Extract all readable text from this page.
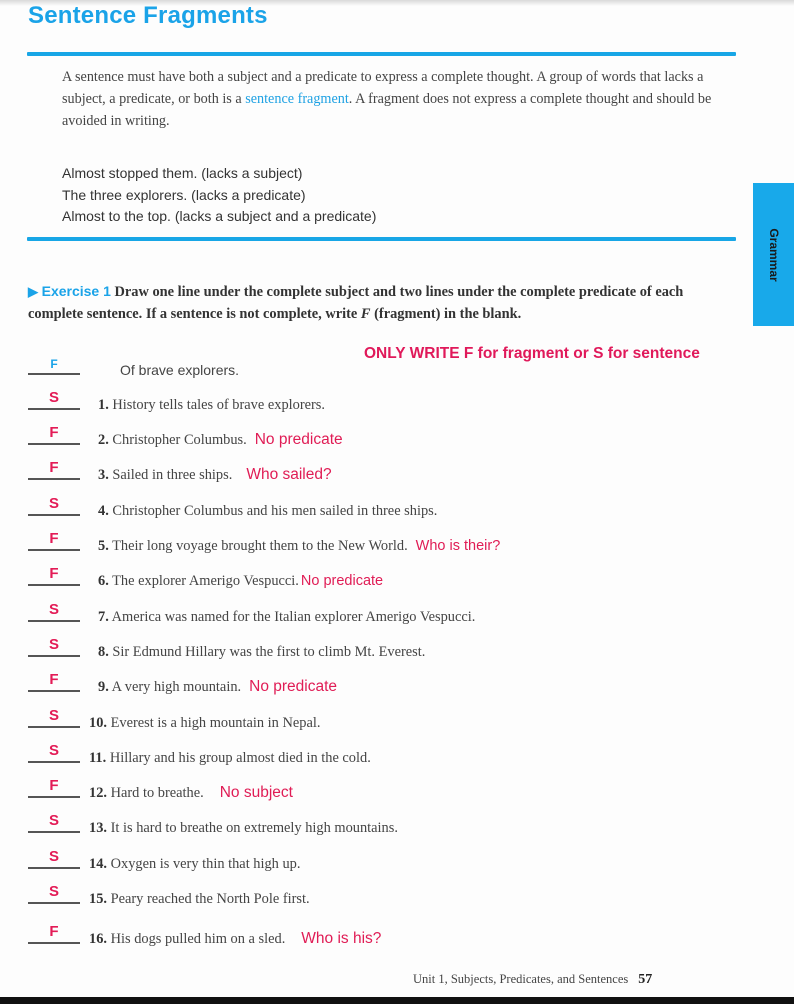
Sentence Fragments
A sentence must have both a subject and a predicate to express a complete thought. A group of words that lacks a subject, a predicate, or both is a sentence fragment. A fragment does not express a complete thought and should be avoided in writing.
Almost stopped them. (lacks a subject)
The three explorers. (lacks a predicate)
Almost to the top. (lacks a subject and a predicate)
Grammar
▶ Exercise 1 Draw one line under the complete subject and two lines under the complete predicate of each complete sentence. If a sentence is not complete, write F (fragment) in the blank.
ONLY WRITE F for fragment or S for sentence
F	Of brave explorers.
S	1. History tells tales of brave explorers.
F	2. Christopher Columbus. No predicate
F	3. Sailed in three ships. Who sailed?
S	4. Christopher Columbus and his men sailed in three ships.
F	5. Their long voyage brought them to the New World. Who is their?
F	6. The explorer Amerigo Vespucci. No predicate
S	7. America was named for the Italian explorer Amerigo Vespucci.
S	8. Sir Edmund Hillary was the first to climb Mt. Everest.
F	9. A very high mountain. No predicate
S	10. Everest is a high mountain in Nepal.
S	11. Hillary and his group almost died in the cold.
F	12. Hard to breathe. No subject
S	13. It is hard to breathe on extremely high mountains.
S	14. Oxygen is very thin that high up.
S	15. Peary reached the North Pole first.
F	16. His dogs pulled him on a sled. Who is his?
Unit 1, Subjects, Predicates, and Sentences 57
